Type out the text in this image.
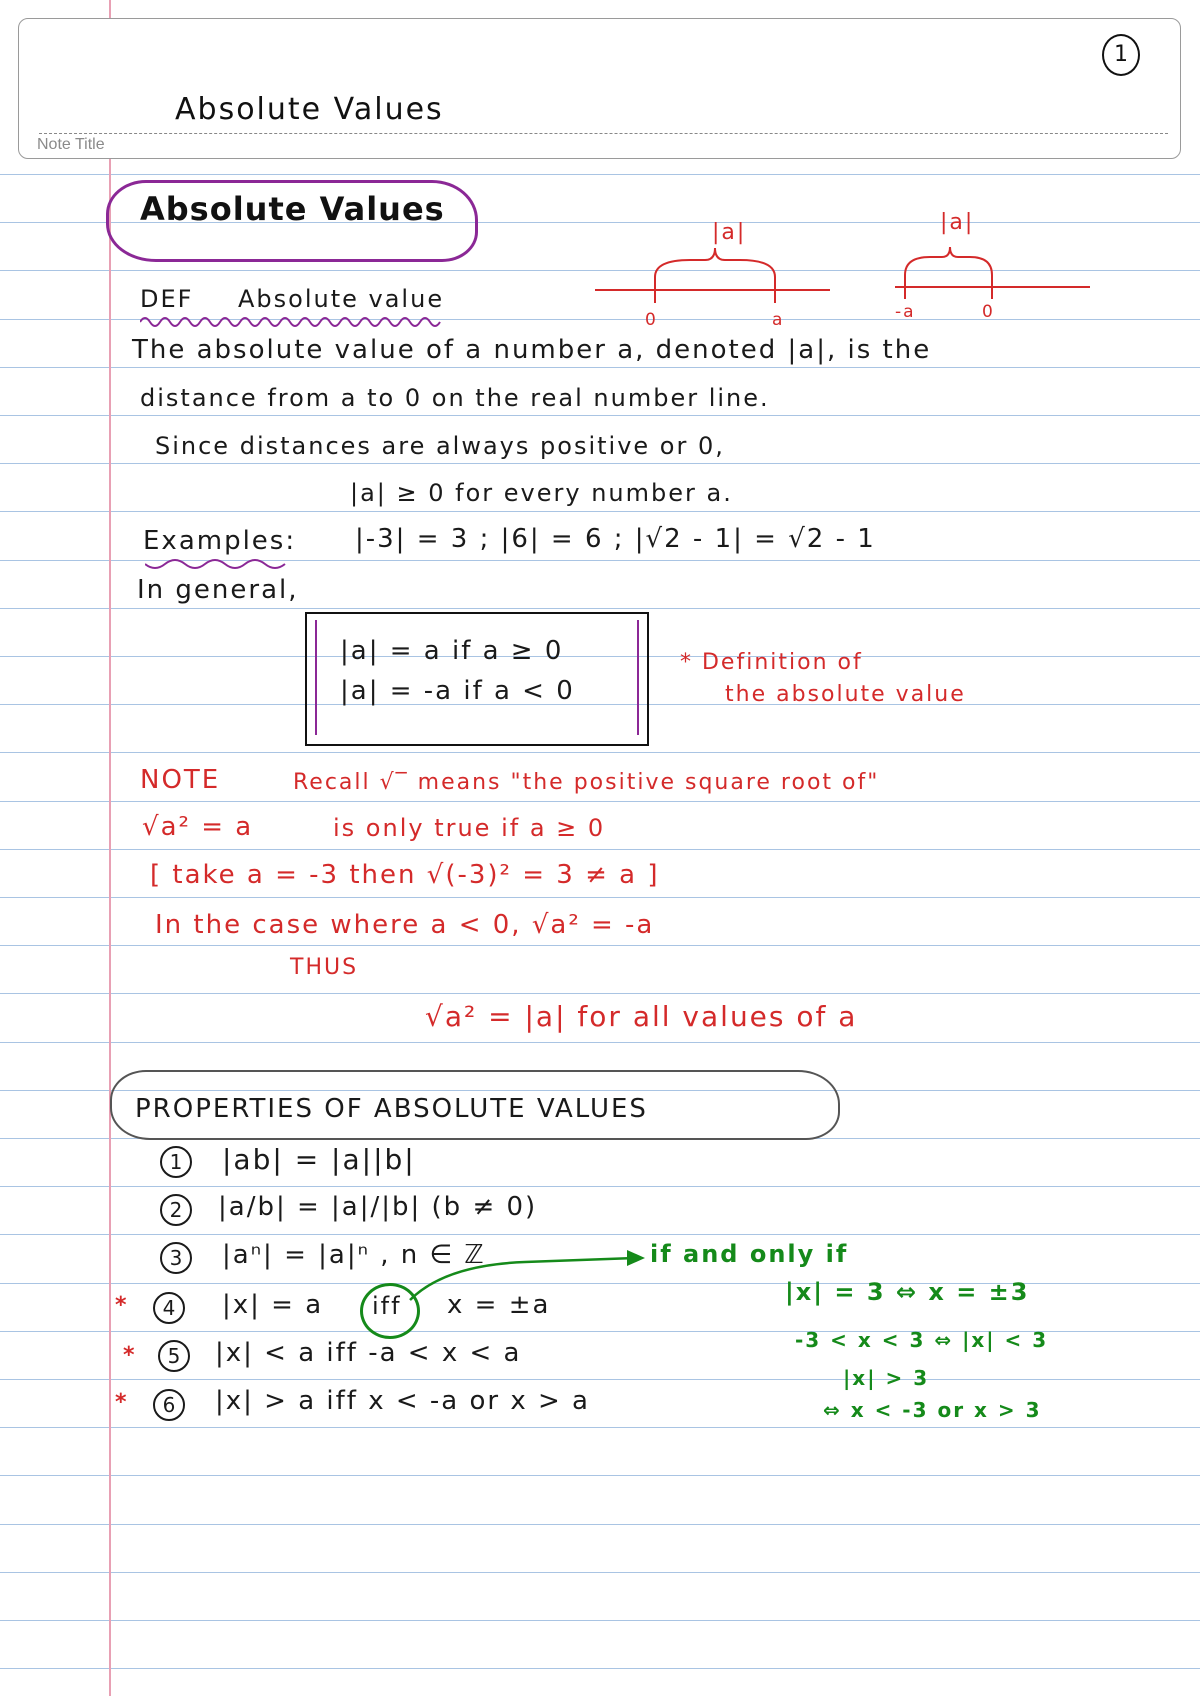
Note Title
Absolute Values
1
Absolute Values
|a|
0	a
|a|
-a	0
DEF Absolute value
The absolute value of a number a, denoted |a|, is the
distance from a to 0 on the real number line.
Since distances are always positive or 0,
|a| ≥ 0 for every number a.
Examples: |-3| = 3 ; |6| = 6 ; |√2 - 1| = √2 - 1
In general,
|a| = a if a ≥ 0
|a| = -a if a < 0
* Definition of
the absolute value
NOTE	Recall √‾ means "the positive square root of"
√a² = a	is only true if a ≥ 0
[ take a = -3 then √(-3)² = 3 ≠ a ]
In the case where a < 0, √a² = -a
THUS
√a² = |a| for all values of a
PROPERTIES OF ABSOLUTE VALUES
1	|ab| = |a||b|
2	|a/b| = |a|/|b| (b ≠ 0)
3	|aⁿ| = |a|ⁿ , n ∈ ℤ
*	4	|x| = a iff x = ±a
*	5	|x| < a iff -a < x < a
*	6	|x| > a iff x < -a or x > a
if and only if
|x| = 3 ⇔ x = ±3
-3 < x < 3 ⇔ |x| < 3
|x| > 3
⇔ x < -3 or x > 3
